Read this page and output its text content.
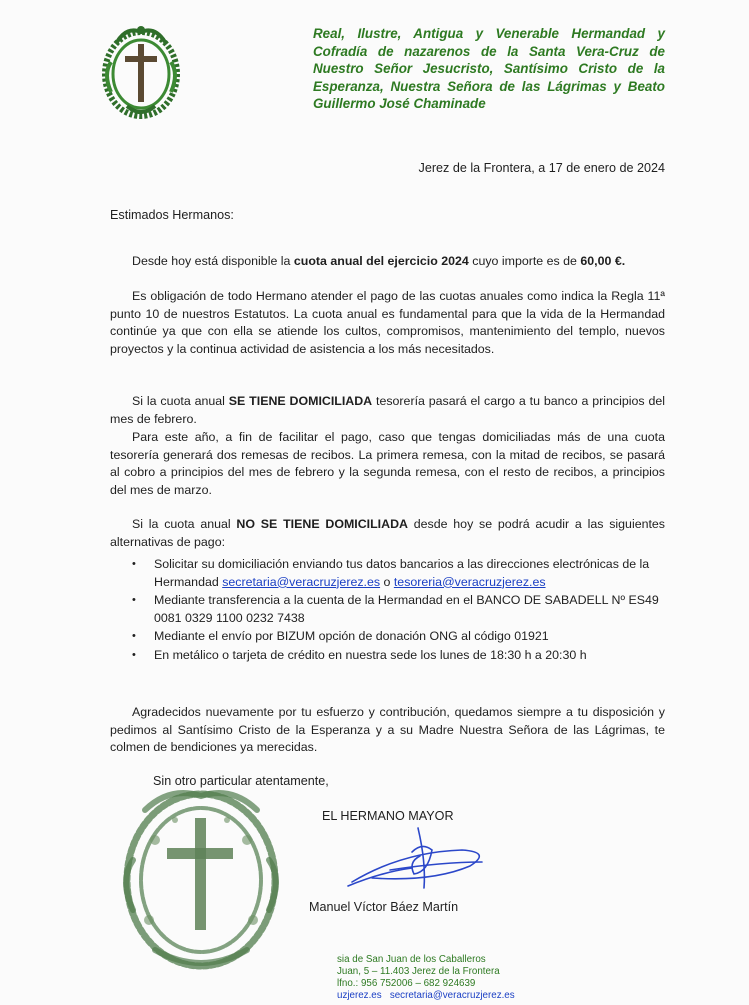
Real, Ilustre, Antigua y Venerable Hermandad y Cofradía de nazarenos de la Santa Vera-Cruz de Nuestro Señor Jesucristo, Santísimo Cristo de la Esperanza, Nuestra Señora de las Lágrimas y Beato Guillermo José Chaminade

Jerez de la Frontera, a 17 de enero de 2024
Estimados Hermanos:

Desde hoy está disponible la cuota anual del ejercicio 2024 cuyo importe es de 60,00 €.

Es obligación de todo Hermano atender el pago de las cuotas anuales como indica la Regla 11ª punto 10 de nuestros Estatutos. La cuota anual es fundamental para que la vida de la Hermandad continúe ya que con ella se atiende los cultos, compromisos, mantenimiento del templo, nuevos proyectos y la continua actividad de asistencia a los más necesitados.

Si la cuota anual SE TIENE DOMICILIADA tesorería pasará el cargo a tu banco a principios del mes de febrero.

Para este año, a fin de facilitar el pago, caso que tengas domiciliadas más de una cuota tesorería generará dos remesas de recibos. La primera remesa, con la mitad de recibos, se pasará al cobro a principios del mes de febrero y la segunda remesa, con el resto de recibos, a principios del mes de marzo.

Si la cuota anual NO SE TIENE DOMICILIADA desde hoy se podrá acudir a las siguientes alternativas de pago:

• Solicitar su domiciliación enviando tus datos bancarios a las direcciones electrónicas de la Hermandad secretaria@veracruzjerez.es o tesoreria@veracruzjerez.es
• Mediante transferencia a la cuenta de la Hermandad en el BANCO DE SABADELL Nº ES49 0081 0329 1100 0232 7438
• Mediante el envío por BIZUM opción de donación ONG al código 01921
• En metálico o tarjeta de crédito en nuestra sede los lunes de 18:30 h a 20:30 h

Agradecidos nuevamente por tu esfuerzo y contribución, quedamos siempre a tu disposición y pedimos al Santísimo Cristo de la Esperanza y a su Madre Nuestra Señora de las Lágrimas, te colmen de bendiciones ya merecidas.

Sin otro particular atentamente,
EL HERMANO MAYOR
Manuel Víctor Báez Martín
sia de San Juan de los Caballeros
Juan, 5 – 11.403 Jerez de la Frontera
lfno.: 956 752006 – 682 924639
uzjerez.es secretaria@veracruzjerez.es
